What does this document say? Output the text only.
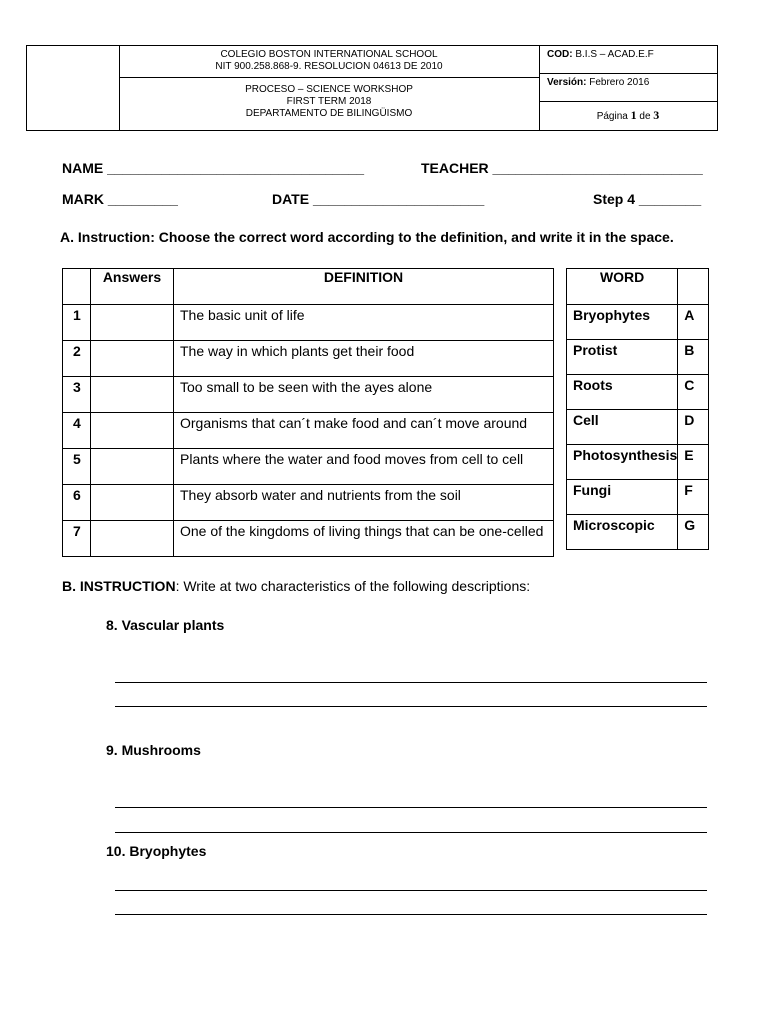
COLEGIO BOSTON INTERNATIONAL SCHOOL
NIT 900.258.868-9. RESOLUCION 04613 DE 2010
PROCESO – SCIENCE WORKSHOP
FIRST TERM 2018
DEPARTAMENTO DE BILINGÜISMO
COD: B.I.S – ACAD.E.F
Versión: Febrero 2016
Página 1 de 3
NAME _________________________________	TEACHER ___________________________
MARK _________	DATE ______________________	Step 4 ________
A. Instruction: Choose the correct word according to the definition, and write it in the space.
	Answers	DEFINITION
1		The basic unit of life
2		The way in which plants get their food
3		Too small to be seen with the ayes alone
4		Organisms that can´t make food and can´t move around
5		Plants where the water and food moves from cell to cell
6		They absorb water and nutrients from the soil
7		One of the kingdoms of living things that can be one-celled
WORD	
Bryophytes	A
Protist	B
Roots	C
Cell	D
Photosynthesis	E
Fungi	F
Microscopic	G
B. INSTRUCTION: Write at two characteristics of the following descriptions:
8. Vascular plants
9. Mushrooms
10. Bryophytes
